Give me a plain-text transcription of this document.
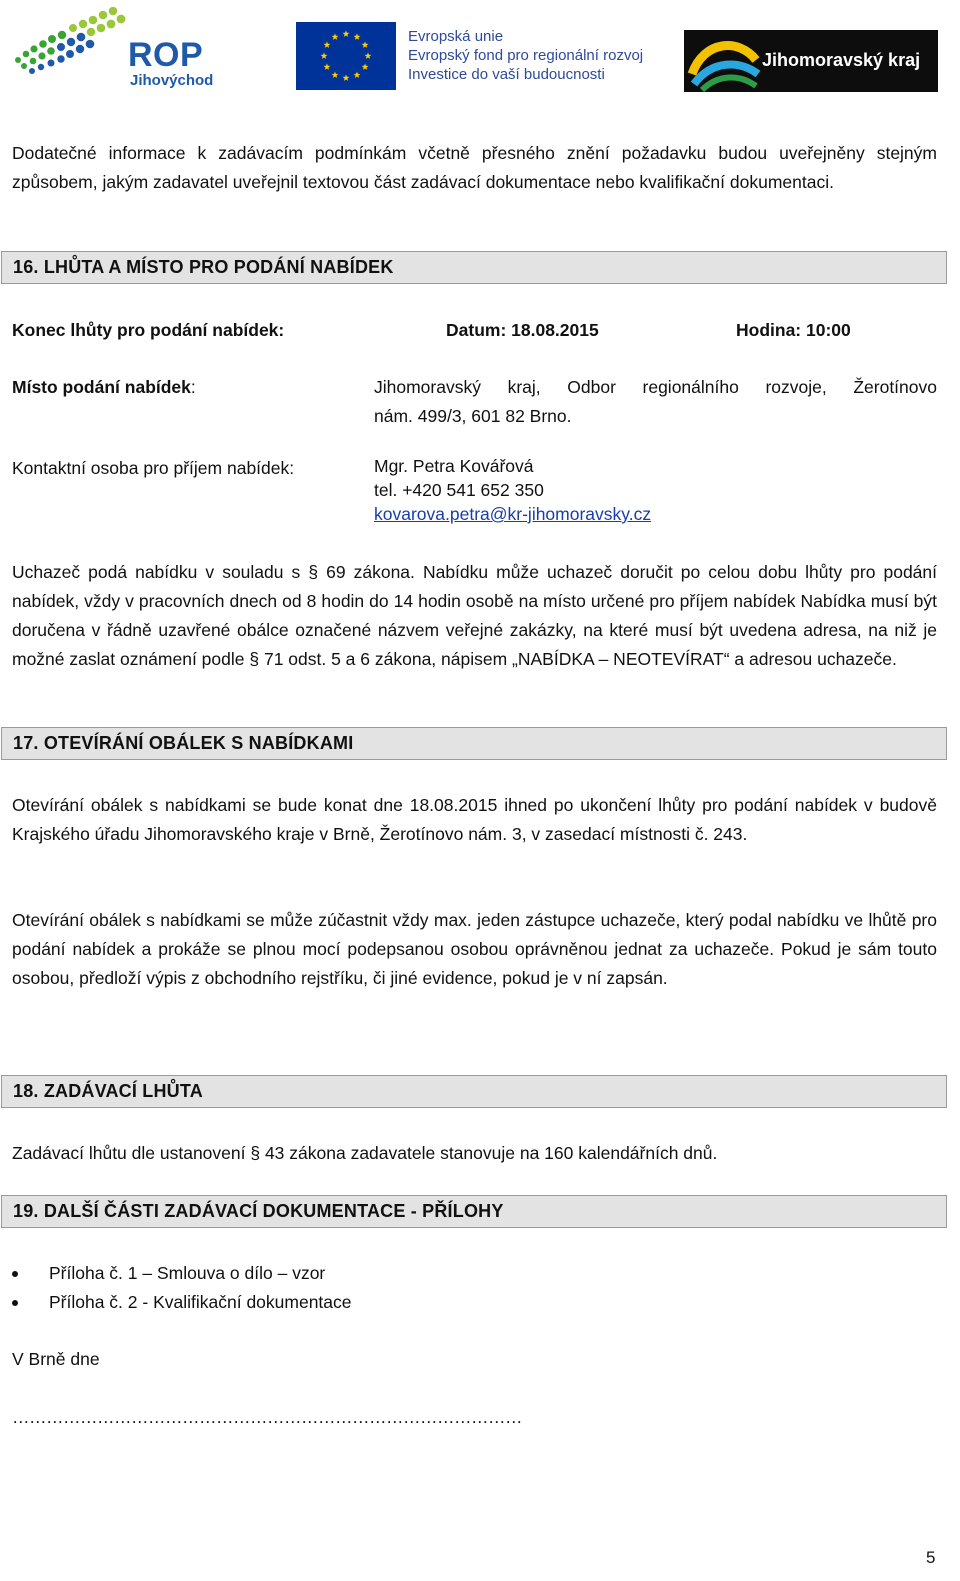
ROP
Jihovýchod
Evropská unie
Evropský fond pro regionální rozvoj
Investice do vaší budoucnosti
Jihomoravský kraj
Dodatečné informace k zadávacím podmínkám včetně přesného znění požadavku budou uveřejněny stejným způsobem, jakým zadavatel uveřejnil textovou část zadávací dokumentace nebo kvalifikační dokumentaci.
16. LHŮTA A MÍSTO PRO PODÁNÍ NABÍDEK
Konec lhůty pro podání nabídek:	Datum: 18.08.2015	Hodina: 10:00
Místo podání nabídek:	Jihomoravský kraj, Odbor regionálního rozvoje, Žerotínovo
nám. 499/3, 601 82 Brno.
Kontaktní osoba pro příjem nabídek:	Mgr. Petra Kovářová
tel. +420 541 652 350
kovarova.petra@kr-jihomoravsky.cz
Uchazeč podá nabídku v souladu s § 69 zákona. Nabídku může uchazeč doručit po celou dobu lhůty pro podání nabídek, vždy v pracovních dnech od 8 hodin do 14 hodin osobě na místo určené pro příjem nabídek Nabídka musí být doručena v řádně uzavřené obálce označené názvem veřejné zakázky, na které musí být uvedena adresa, na niž je možné zaslat oznámení podle § 71 odst. 5 a 6 zákona, nápisem „NABÍDKA – NEOTEVÍRAT“ a adresou uchazeče.
17. OTEVÍRÁNÍ OBÁLEK S NABÍDKAMI
Otevírání obálek s nabídkami se bude konat dne 18.08.2015 ihned po ukončení lhůty pro podání nabídek v budově Krajského úřadu Jihomoravského kraje v Brně, Žerotínovo nám. 3, v zasedací místnosti č. 243.
Otevírání obálek s nabídkami se může zúčastnit vždy max. jeden zástupce uchazeče, který podal nabídku ve lhůtě pro podání nabídek a prokáže se plnou mocí podepsanou osobou oprávněnou jednat za uchazeče. Pokud je sám touto osobou, předloží výpis z obchodního rejstříku, či jiné evidence, pokud je v ní zapsán.
18. ZADÁVACÍ LHŮTA
Zadávací lhůtu dle ustanovení § 43 zákona zadavatele stanovuje na 160 kalendářních dnů.
19. DALŠÍ ČÁSTI ZADÁVACÍ DOKUMENTACE - PŘÍLOHY
Příloha č. 1 – Smlouva o dílo – vzor
Příloha č. 2 - Kvalifikační dokumentace
V Brně dne
………………………………………………………………………………
5
